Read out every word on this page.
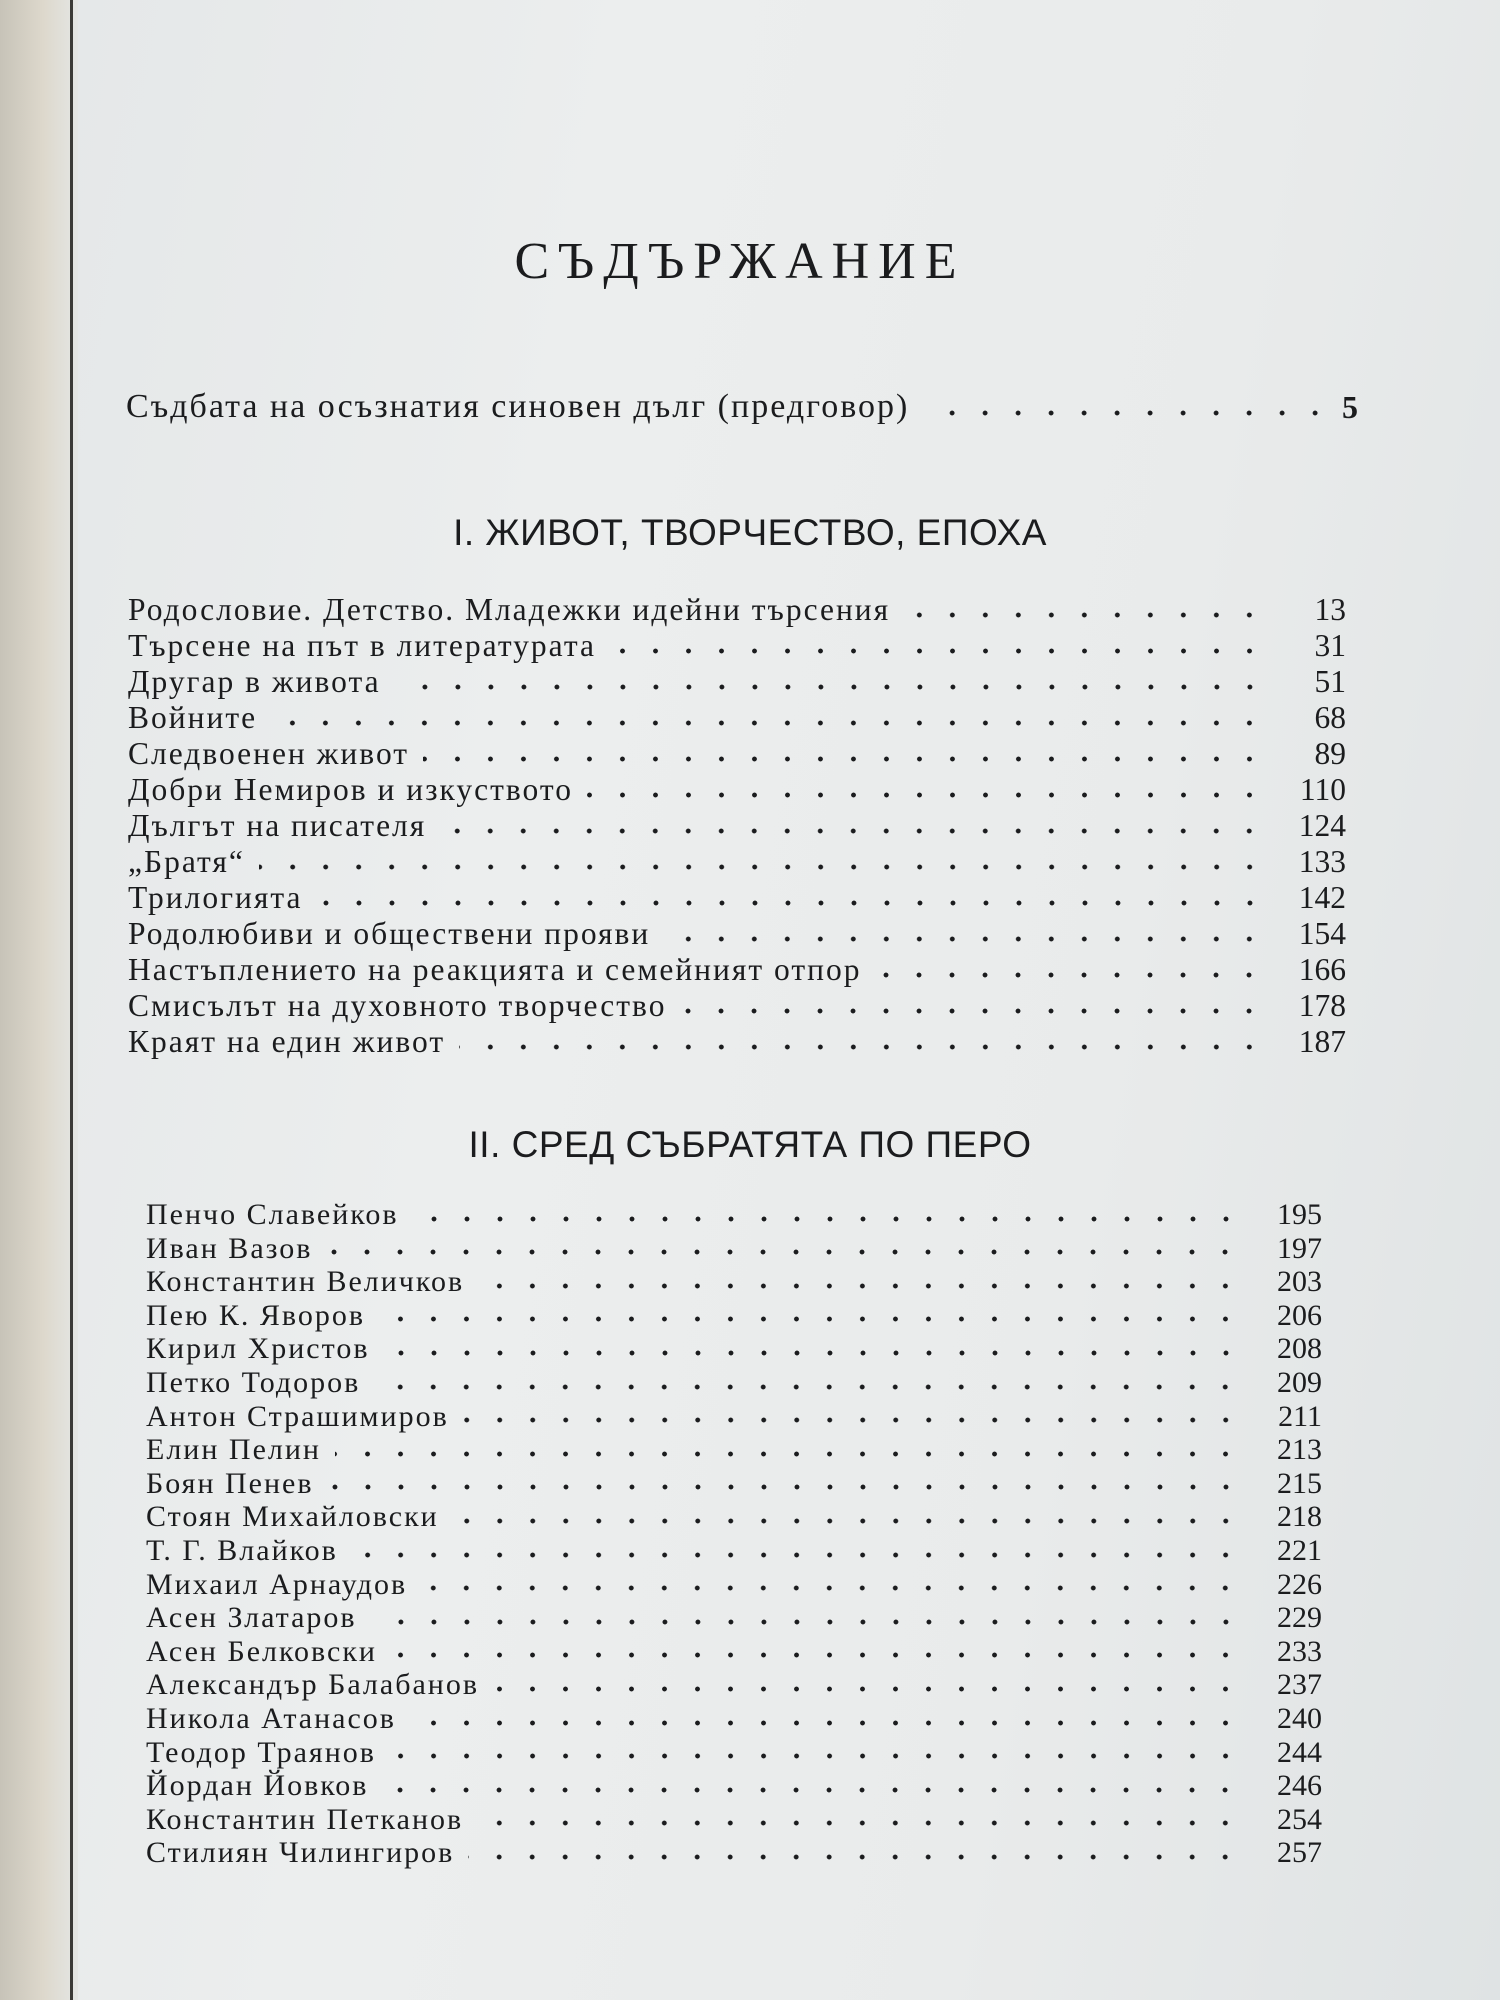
СЪДЪРЖАНИЕ
Съдбата на осъзнатия синовен дълг (предговор)	5
I. ЖИВОТ, ТВОРЧЕСТВО, ЕПОХА
Родословие. Детство. Младежки идейни търсения	13
Търсене на път в литературата	31
Другар в живота	51
Войните	68
Следвоенен живот	89
Добри Немиров и изкуството	110
Дългът на писателя	124
„Братя“	133
Трилогията	142
Родолюбиви и обществени прояви	154
Настъплението на реакцията и семейният отпор	166
Смисълът на духовното творчество	178
Краят на един живот	187
II. СРЕД СЪБРАТЯТА ПО ПЕРО
Пенчо Славейков	195
Иван Вазов	197
Константин Величков	203
Пею К. Яворов	206
Кирил Христов	208
Петко Тодоров	209
Антон Страшимиров	211
Елин Пелин	213
Боян Пенев	215
Стоян Михайловски	218
Т. Г. Влайков	221
Михаил Арнаудов	226
Асен Златаров	229
Асен Белковски	233
Александър Балабанов	237
Никола Атанасов	240
Теодор Траянов	244
Йордан Йовков	246
Константин Петканов	254
Стилиян Чилингиров	257
